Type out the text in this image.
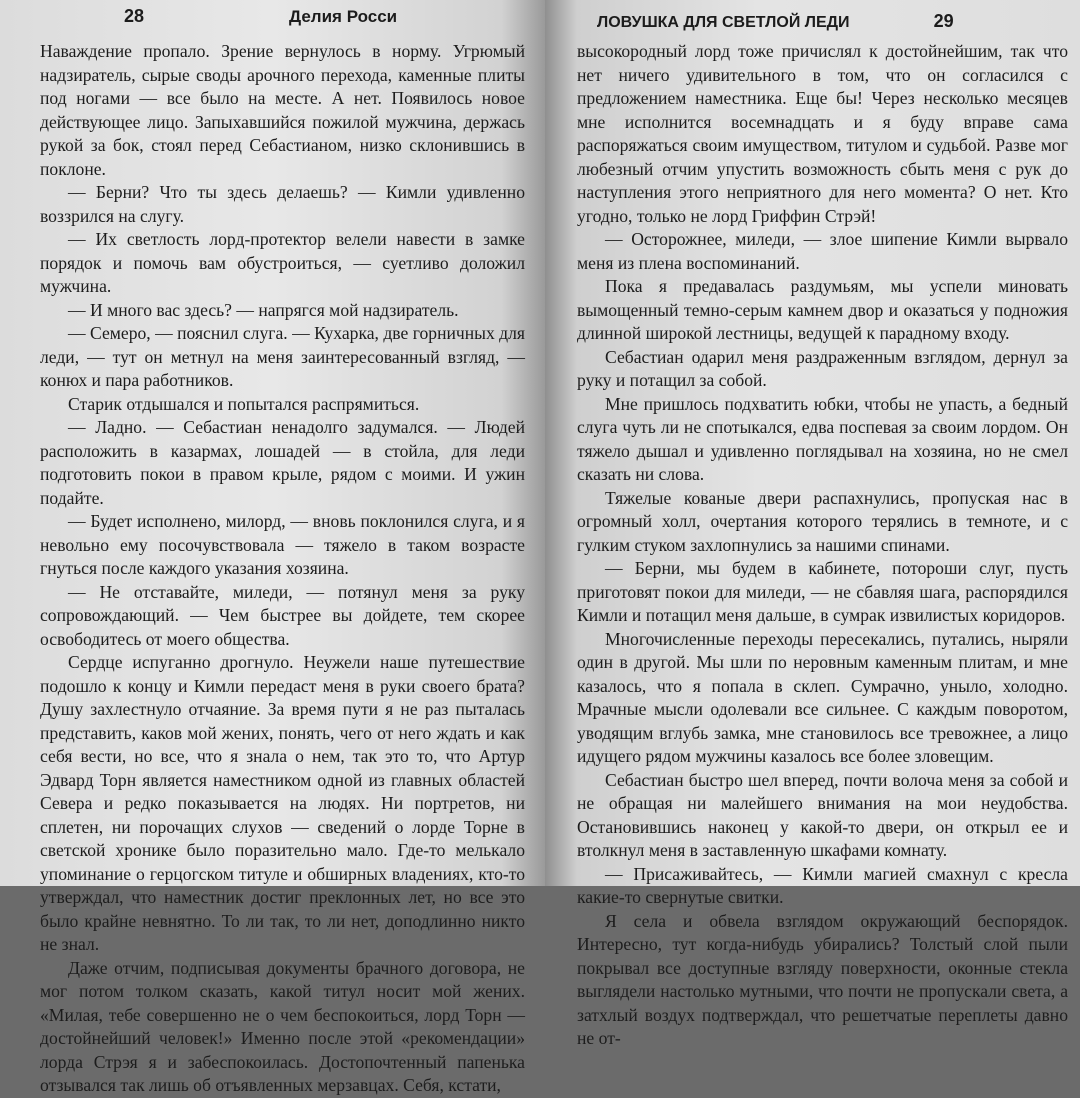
28	Делия Росси

Наваждение пропало. Зрение вернулось в норму. Угрюмый надзиратель, сырые своды арочного перехода, каменные плиты под ногами — все было на месте. А нет. Появилось новое действующее лицо. Запыхавшийся пожилой мужчина, держась рукой за бок, стоял перед Себастианом, низко склонившись в поклоне.

— Берни? Что ты здесь делаешь? — Кимли удивленно воззрился на слугу.

— Их светлость лорд-протектор велели навести в замке порядок и помочь вам обустроиться, — суетливо доложил мужчина.

— И много вас здесь? — напрягся мой надзиратель.

— Семеро, — пояснил слуга. — Кухарка, две горничных для леди, — тут он метнул на меня заинтересованный взгляд, — конюх и пара работников.

Старик отдышался и попытался распрямиться.

— Ладно. — Себастиан ненадолго задумался. — Людей расположить в казармах, лошадей — в стойла, для леди подготовить покои в правом крыле, рядом с моими. И ужин подайте.

— Будет исполнено, милорд, — вновь поклонился слуга, и я невольно ему посочувствовала — тяжело в таком возрасте гнуться после каждого указания хозяина.

— Не отставайте, миледи, — потянул меня за руку сопровождающий. — Чем быстрее вы дойдете, тем скорее освободитесь от моего общества.

Сердце испуганно дрогнуло. Неужели наше путешествие подошло к концу и Кимли передаст меня в руки своего брата? Душу захлестнуло отчаяние. За время пути я не раз пыталась представить, каков мой жених, понять, чего от него ждать и как себя вести, но все, что я знала о нем, так это то, что Артур Эдвард Торн является наместником одной из главных областей Севера и редко показывается на людях. Ни портретов, ни сплетен, ни порочащих слухов — сведений о лорде Торне в светской хронике было поразительно мало. Где-то мелькало упоминание о герцогском титуле и обширных владениях, кто-то утверждал, что наместник достиг преклонных лет, но все это было крайне невнятно. То ли так, то ли нет, доподлинно никто не знал.

Даже отчим, подписывая документы брачного договора, не мог потом толком сказать, какой титул носит мой жених. «Милая, тебе совершенно не о чем беспокоиться, лорд Торн — достойнейший человек!» Именно после этой «рекомендации» лорда Стрэя я и забеспокоилась. Достопочтенный папенька отзывался так лишь об отъявленных мерзавцах. Себя, кстати,

ЛОВУШКА ДЛЯ СВЕТЛОЙ ЛЕДИ	29

высокородный лорд тоже причислял к достойнейшим, так что нет ничего удивительного в том, что он согласился с предложением наместника. Еще бы! Через несколько месяцев мне исполнится восемнадцать и я буду вправе сама распоряжаться своим имуществом, титулом и судьбой. Разве мог любезный отчим упустить возможность сбыть меня с рук до наступления этого неприятного для него момента? О нет. Кто угодно, только не лорд Гриффин Стрэй!

— Осторожнее, миледи, — злое шипение Кимли вырвало меня из плена воспоминаний.

Пока я предавалась раздумьям, мы успели миновать вымощенный темно-серым камнем двор и оказаться у подножия длинной широкой лестницы, ведущей к парадному входу.

Себастиан одарил меня раздраженным взглядом, дернул за руку и потащил за собой.

Мне пришлось подхватить юбки, чтобы не упасть, а бедный слуга чуть ли не спотыкался, едва поспевая за своим лордом. Он тяжело дышал и удивленно поглядывал на хозяина, но не смел сказать ни слова.

Тяжелые кованые двери распахнулись, пропуская нас в огромный холл, очертания которого терялись в темноте, и с гулким стуком захлопнулись за нашими спинами.

— Берни, мы будем в кабинете, потороши слуг, пусть приготовят покои для миледи, — не сбавляя шага, распорядился Кимли и потащил меня дальше, в сумрак извилистых коридоров.

Многочисленные переходы пересекались, путались, ныряли один в другой. Мы шли по неровным каменным плитам, и мне казалось, что я попала в склеп. Сумрачно, уныло, холодно. Мрачные мысли одолевали все сильнее. С каждым поворотом, уводящим вглубь замка, мне становилось все тревожнее, а лицо идущего рядом мужчины казалось все более зловещим.

Себастиан быстро шел вперед, почти волоча меня за собой и не обращая ни малейшего внимания на мои неудобства. Остановившись наконец у какой-то двери, он открыл ее и втолкнул меня в заставленную шкафами комнату.

— Присаживайтесь, — Кимли магией смахнул с кресла какие-то свернутые свитки.

Я села и обвела взглядом окружающий беспорядок. Интересно, тут когда-нибудь убирались? Толстый слой пыли покрывал все доступные взгляду поверхности, оконные стекла выглядели настолько мутными, что почти не пропускали света, а затхлый воздух подтверждал, что решетчатые переплеты давно не от-
